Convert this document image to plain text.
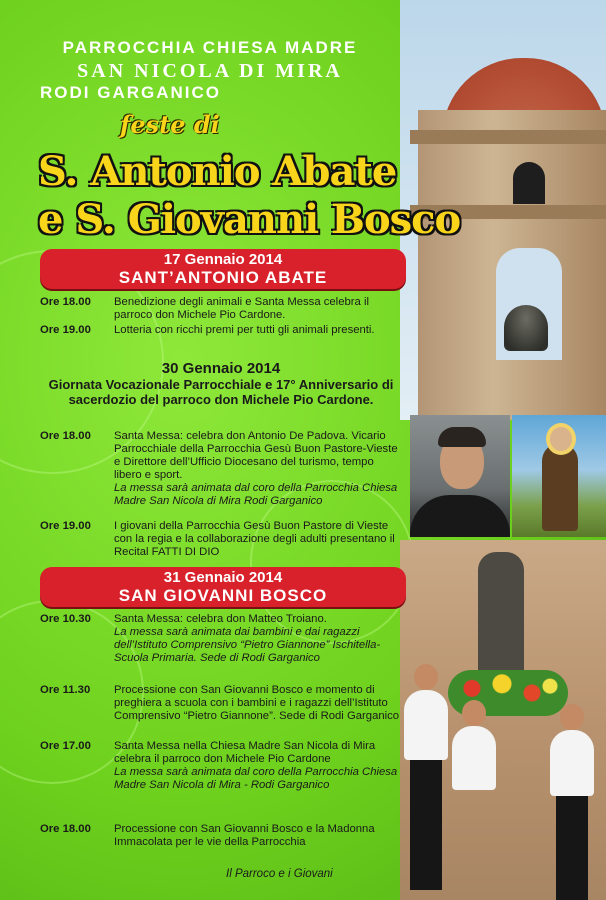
PARROCCHIA CHIESA MADRE
SAN NICOLA DI MIRA
RODI GARGANICO
feste di
S. Antonio Abate
e S. Giovanni Bosco
17 Gennaio 2014
SANT’ANTONIO ABATE
Ore 18.00 Benedizione degli animali e Santa Messa celebra il parroco don Michele Pio Cardone.
Ore 19.00 Lotteria con ricchi premi per tutti gli animali presenti.
30 Gennaio 2014
Giornata Vocazionale Parrocchiale e 17° Anniversario di sacerdozio del parroco don Michele Pio Cardone.
Ore 18.00 Santa Messa: celebra don Antonio De Padova. Vicario Parrocchiale della Parrocchia Gesù Buon Pastore-Vieste e Direttore dell’Ufficio Diocesano del turismo, tempo libero e sport.
La messa sarà animata dal coro della Parrocchia Chiesa Madre San Nicola di Mira Rodi Garganico
Ore 19.00 I giovani della Parrocchia Gesù Buon Pastore di Vieste con la regia e la collaborazione degli adulti presentano il Recital FATTI DI DIO
31 Gennaio 2014
SAN GIOVANNI BOSCO
Ore 10.30 Santa Messa: celebra don Matteo Troiano.
La messa sarà animata dai bambini e dai ragazzi dell’Istituto Comprensivo “Pietro Giannone” Ischitella-Scuola Primaria. Sede di Rodi Garganico
Ore 11.30 Processione con San Giovanni Bosco e momento di preghiera a scuola con i bambini e i ragazzi dell’Istituto Comprensivo “Pietro Giannone”. Sede di Rodi Garganico
Ore 17.00 Santa Messa nella Chiesa Madre San Nicola di Mira celebra il parroco don Michele Pio Cardone
La messa sarà animata dal coro della Parrocchia Chiesa Madre San Nicola di Mira - Rodi Garganico
Ore 18.00 Processione con San Giovanni Bosco e la Madonna Immacolata per le vie della Parrocchia
Il Parroco e i Giovani
